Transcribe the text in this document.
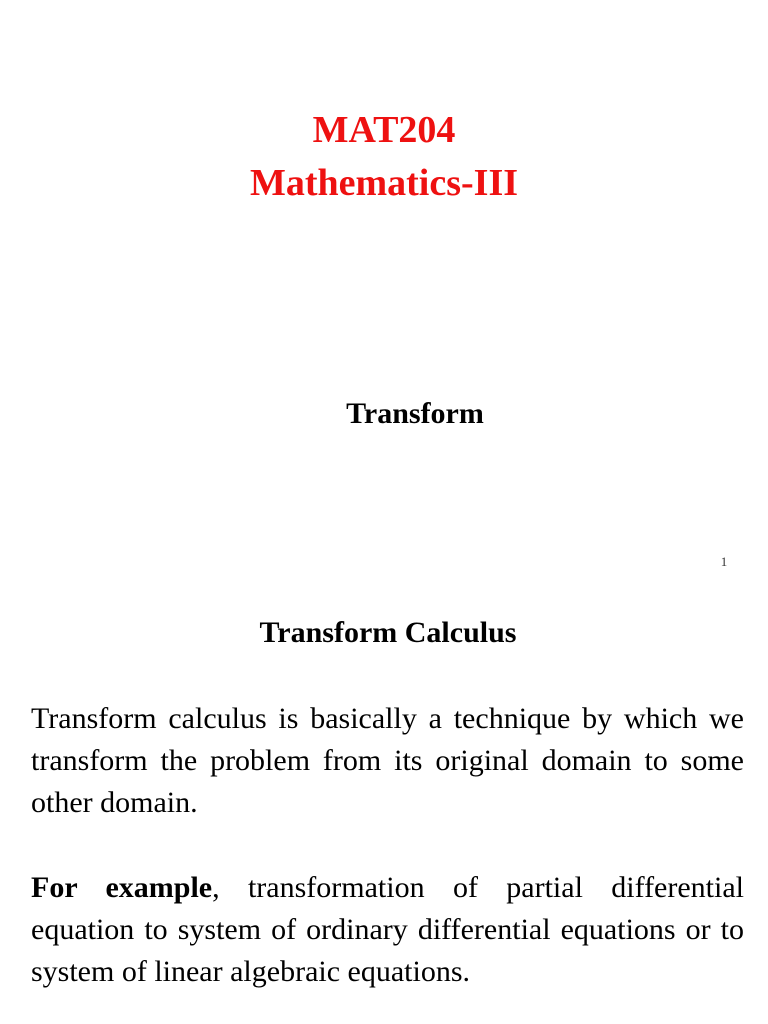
MAT204
Mathematics-III
Transform
1
Transform Calculus
Transform calculus is basically a technique by which we transform the problem from its original domain to some other domain.
For example, transformation of partial differential equation to system of ordinary differential equations or to system of linear algebraic equations.
